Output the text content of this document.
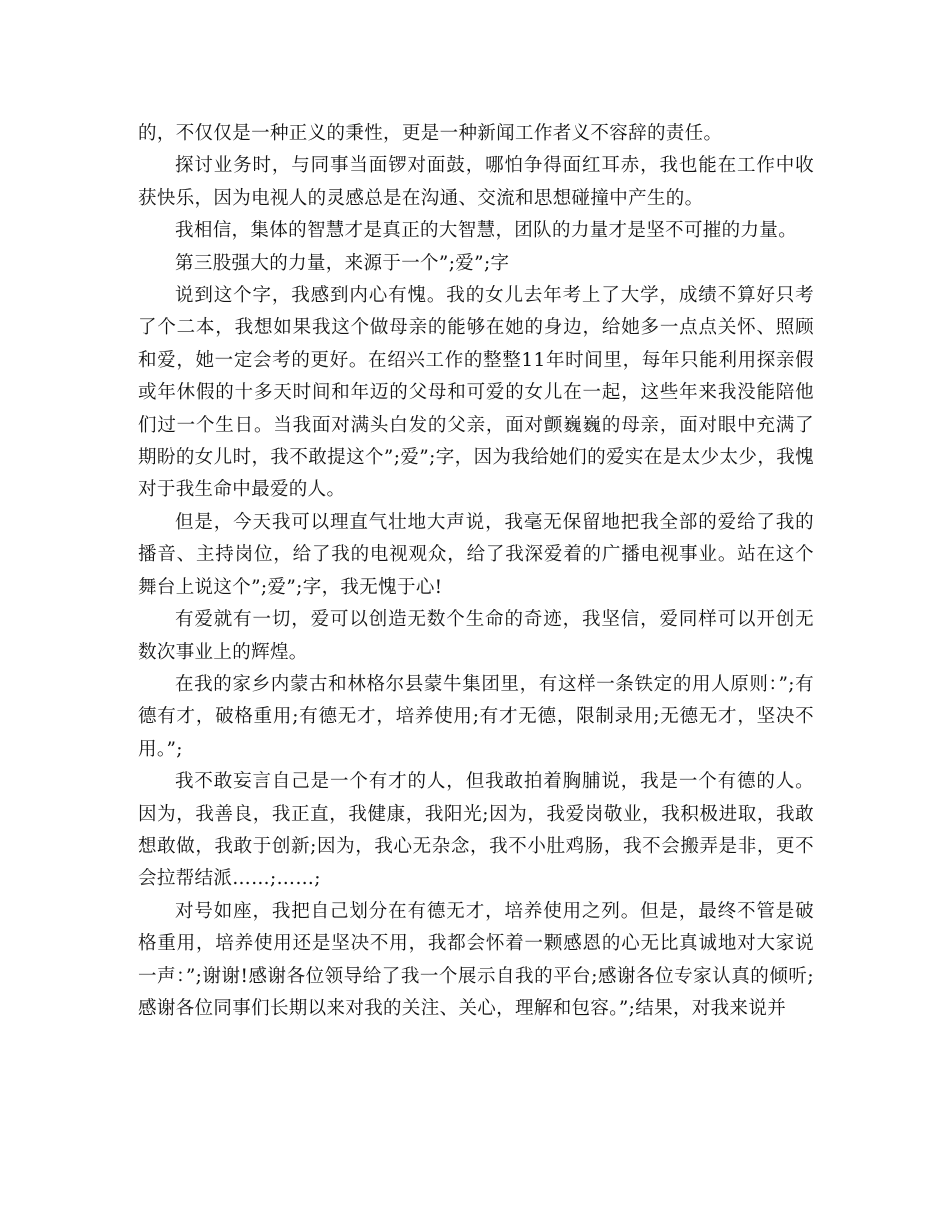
的，不仅仅是一种正义的秉性，更是一种新闻工作者义不容辞的责任。

探讨业务时，与同事当面锣对面鼓，哪怕争得面红耳赤，我也能在工作中收获快乐，因为电视人的灵感总是在沟通、交流和思想碰撞中产生的。

我相信，集体的智慧才是真正的大智慧，团队的力量才是坚不可摧的力量。

第三股强大的力量，来源于一个”;爱”;字

说到这个字，我感到内心有愧。我的女儿去年考上了大学，成绩不算好只考了个二本，我想如果我这个做母亲的能够在她的身边，给她多一点点关怀、照顾和爱，她一定会考的更好。在绍兴工作的整整11年时间里，每年只能利用探亲假或年休假的十多天时间和年迈的父母和可爱的女儿在一起，这些年来我没能陪他们过一个生日。当我面对满头白发的父亲，面对颤巍巍的母亲，面对眼中充满了期盼的女儿时，我不敢提这个”;爱”;字，因为我给她们的爱实在是太少太少，我愧对于我生命中最爱的人。

但是，今天我可以理直气壮地大声说，我毫无保留地把我全部的爱给了我的播音、主持岗位，给了我的电视观众，给了我深爱着的广播电视事业。站在这个舞台上说这个”;爱”;字，我无愧于心!

有爱就有一切，爱可以创造无数个生命的奇迹，我坚信，爱同样可以开创无数次事业上的辉煌。

在我的家乡内蒙古和林格尔县蒙牛集团里，有这样一条铁定的用人原则：”;有德有才，破格重用;有德无才，培养使用;有才无德，限制录用;无德无才，坚决不用。”;

我不敢妄言自己是一个有才的人，但我敢拍着胸脯说，我是一个有德的人。因为，我善良，我正直，我健康，我阳光;因为，我爱岗敬业，我积极进取，我敢想敢做，我敢于创新;因为，我心无杂念，我不小肚鸡肠，我不会搬弄是非，更不会拉帮结派……;……;

对号如座，我把自己划分在有德无才，培养使用之列。但是，最终不管是破格重用，培养使用还是坚决不用，我都会怀着一颗感恩的心无比真诚地对大家说一声：”;谢谢!感谢各位领导给了我一个展示自我的平台;感谢各位专家认真的倾听;感谢各位同事们长期以来对我的关注、关心，理解和包容。”;结果，对我来说并
